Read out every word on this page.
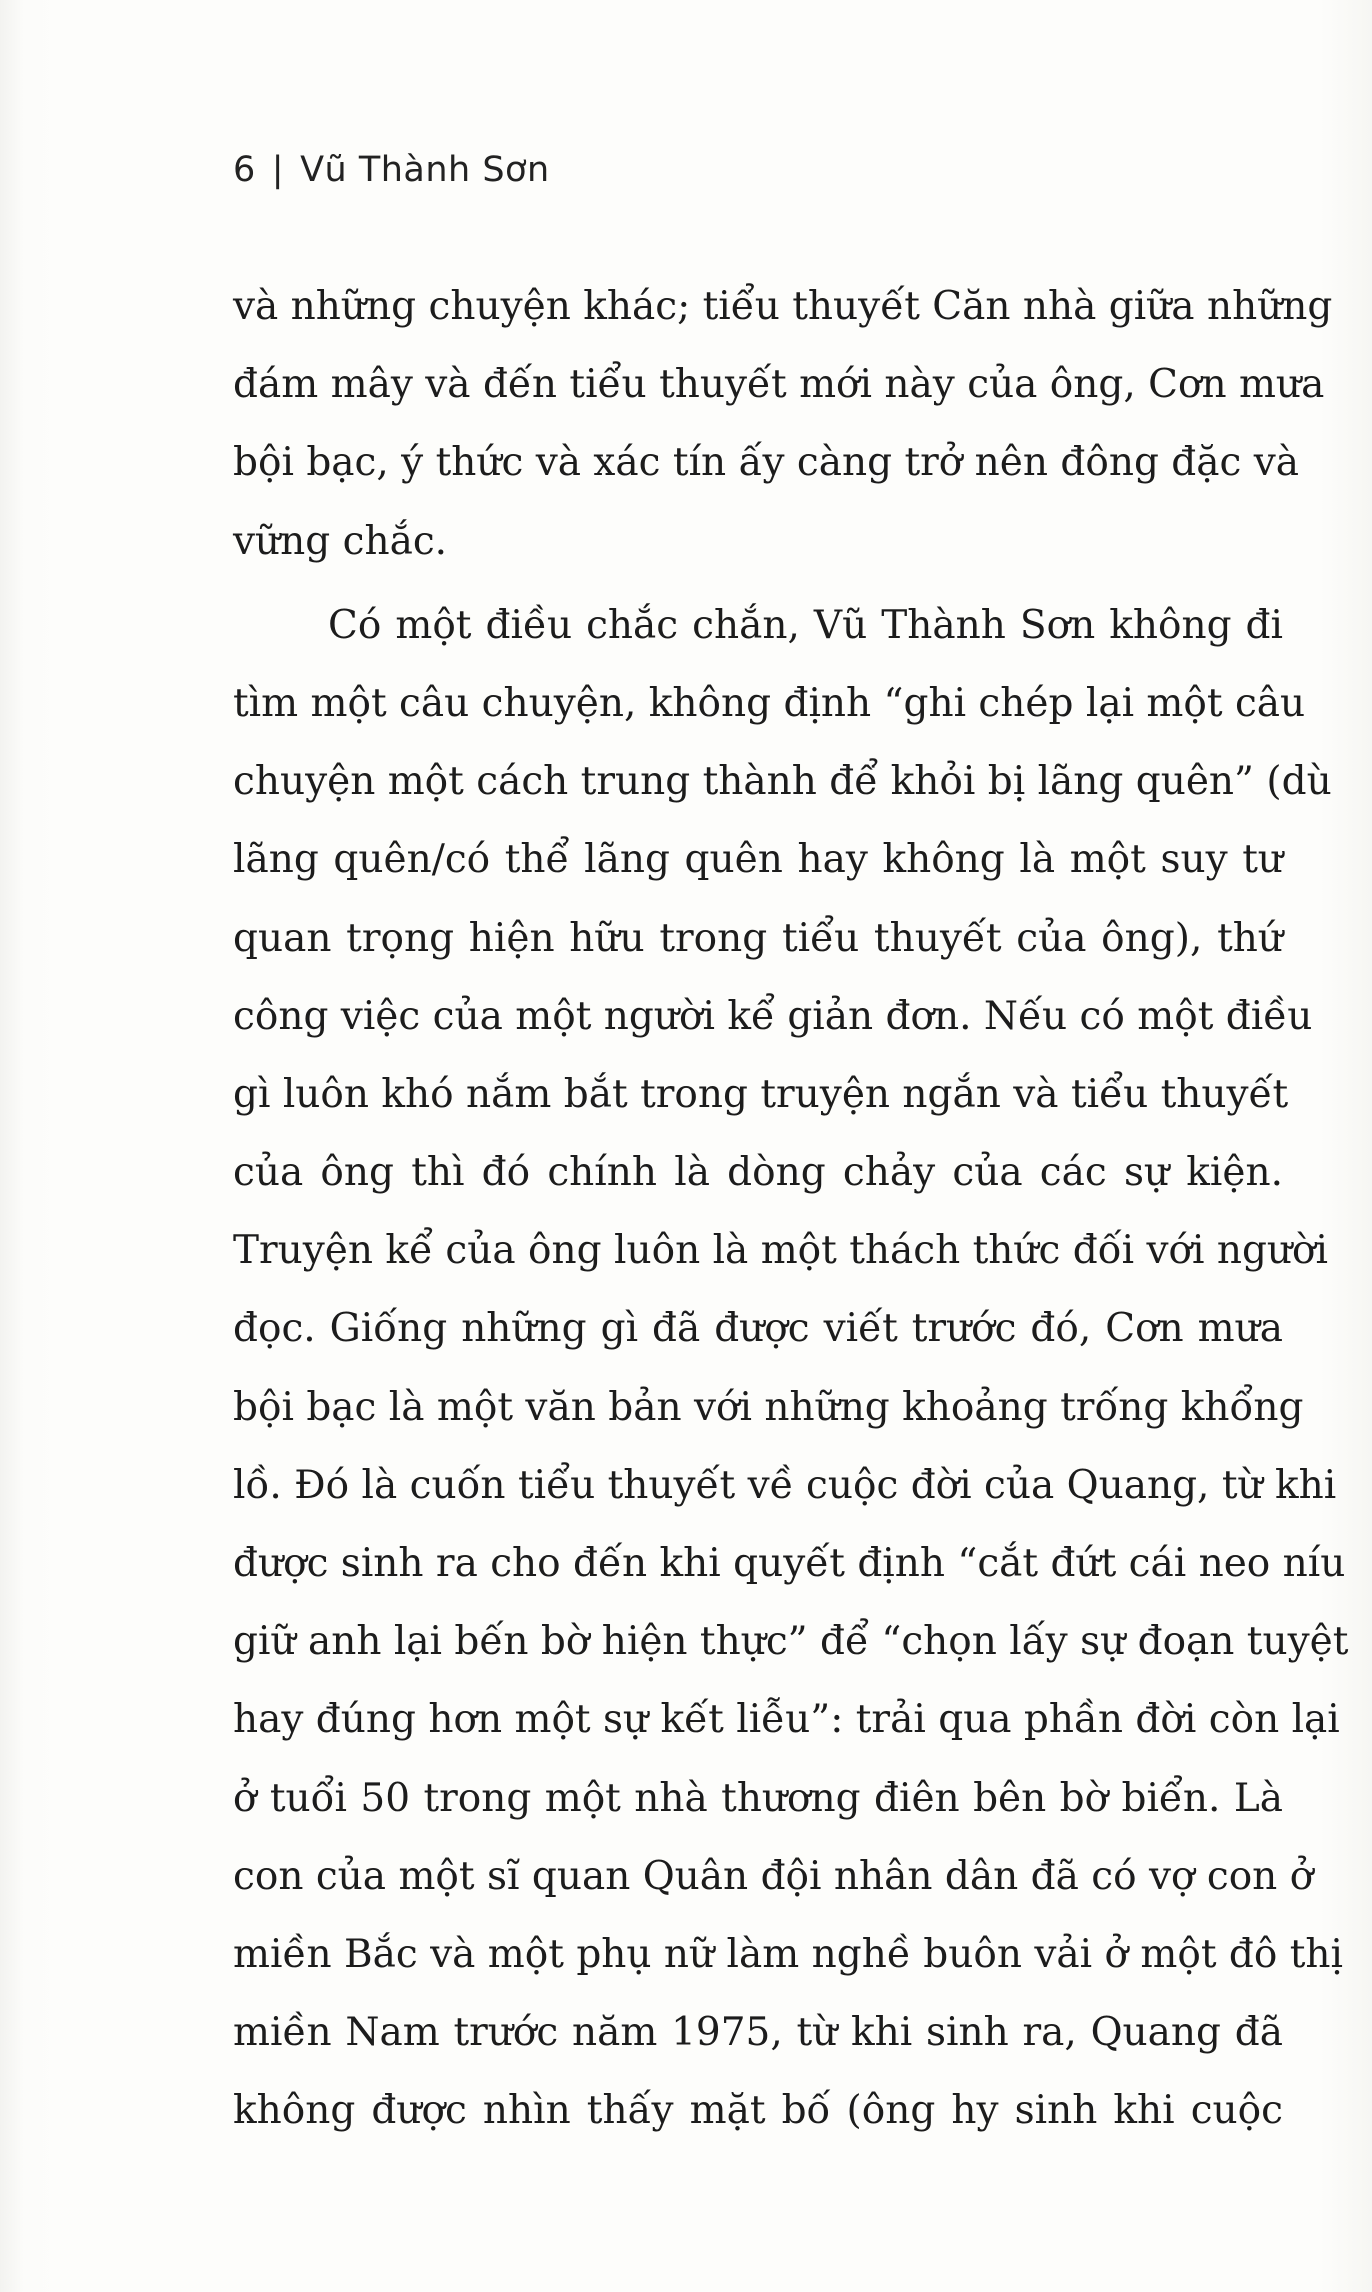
6 | Vũ Thành Sơn
và những chuyện khác; tiểu thuyết Căn nhà giữa những
đám mây và đến tiểu thuyết mới này của ông, Cơn mưa
bội bạc, ý thức và xác tín ấy càng trở nên đông đặc và
vững chắc.
Có một điều chắc chắn, Vũ Thành Sơn không đi
tìm một câu chuyện, không định “ghi chép lại một câu
chuyện một cách trung thành để khỏi bị lãng quên” (dù
lãng quên/có thể lãng quên hay không là một suy tư
quan trọng hiện hữu trong tiểu thuyết của ông), thứ
công việc của một người kể giản đơn. Nếu có một điều
gì luôn khó nắm bắt trong truyện ngắn và tiểu thuyết
của ông thì đó chính là dòng chảy của các sự kiện.
Truyện kể của ông luôn là một thách thức đối với người
đọc. Giống những gì đã được viết trước đó, Cơn mưa
bội bạc là một văn bản với những khoảng trống khổng
lồ. Đó là cuốn tiểu thuyết về cuộc đời của Quang, từ khi
được sinh ra cho đến khi quyết định “cắt đứt cái neo níu
giữ anh lại bến bờ hiện thực” để “chọn lấy sự đoạn tuyệt
hay đúng hơn một sự kết liễu”: trải qua phần đời còn lại
ở tuổi 50 trong một nhà thương điên bên bờ biển. Là
con của một sĩ quan Quân đội nhân dân đã có vợ con ở
miền Bắc và một phụ nữ làm nghề buôn vải ở một đô thị
miền Nam trước năm 1975, từ khi sinh ra, Quang đã
không được nhìn thấy mặt bố (ông hy sinh khi cuộc
